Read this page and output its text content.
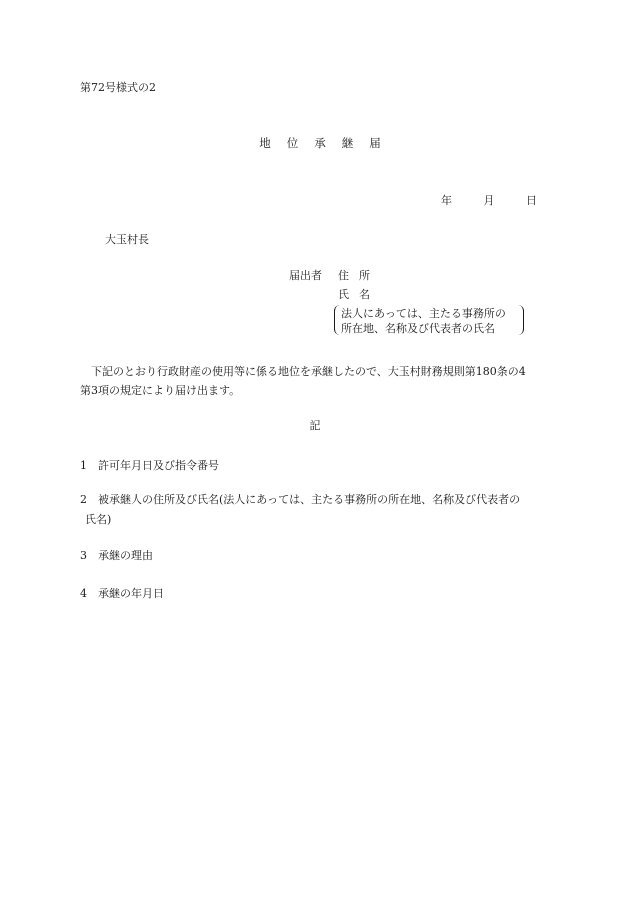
第72号様式の2
地 位 承 継 届
年	月	日
大玉村長
届出者 住 所
氏 名
法人にあっては、主たる事務所の
所在地、名称及び代表者の氏名
下記のとおり行政財産の使用等に係る地位を承継したので、大玉村財務規則第180条の4
第3項の規定により届け出ます。
記
1 許可年月日及び指令番号
2 被承継人の住所及び氏名(法人にあっては、主たる事務所の所在地、名称及び代表者の
氏名)
3 承継の理由
4 承継の年月日
